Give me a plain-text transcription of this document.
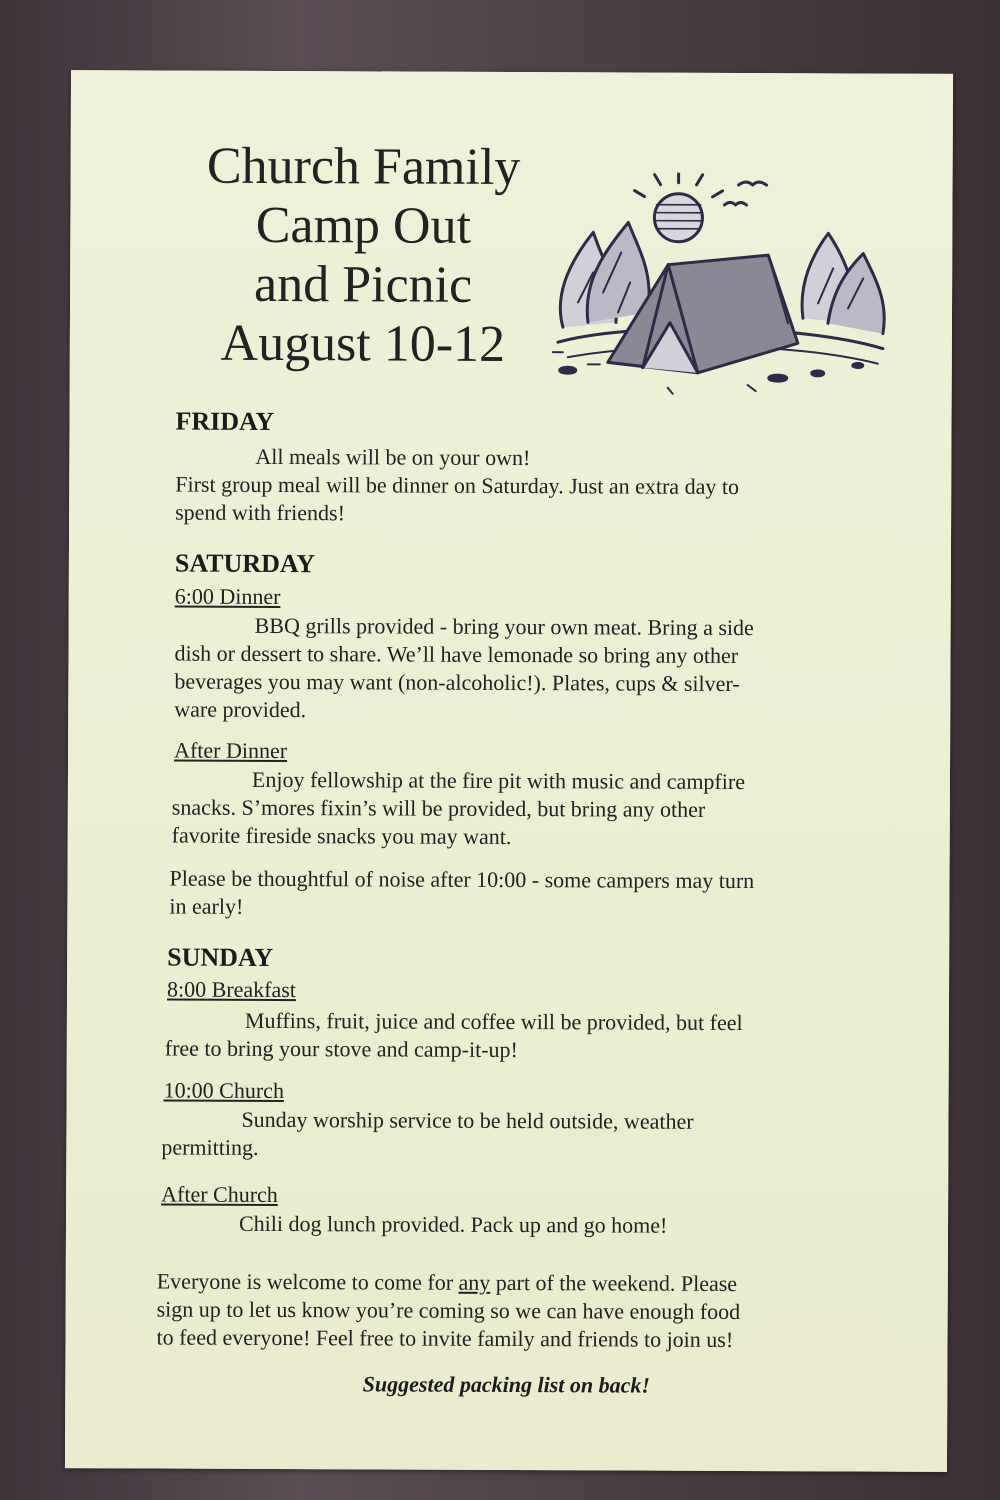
Church Family
Camp Out
and Picnic
August 10-12
FRIDAY
All meals will be on your own!
First group meal will be dinner on Saturday. Just an extra day to
spend with friends!
SATURDAY
6:00 Dinner
BBQ grills provided - bring your own meat. Bring a side
dish or dessert to share. We’ll have lemonade so bring any other
beverages you may want (non-alcoholic!). Plates, cups & silver-
ware provided.
After Dinner
Enjoy fellowship at the fire pit with music and campfire
snacks. S’mores fixin’s will be provided, but bring any other
favorite fireside snacks you may want.
Please be thoughtful of noise after 10:00 - some campers may turn
in early!
SUNDAY
8:00 Breakfast
Muffins, fruit, juice and coffee will be provided, but feel
free to bring your stove and camp-it-up!
10:00 Church
Sunday worship service to be held outside, weather
permitting.
After Church
Chili dog lunch provided. Pack up and go home!
Everyone is welcome to come for any part of the weekend. Please
sign up to let us know you’re coming so we can have enough food
to feed everyone! Feel free to invite family and friends to join us!
Suggested packing list on back!
